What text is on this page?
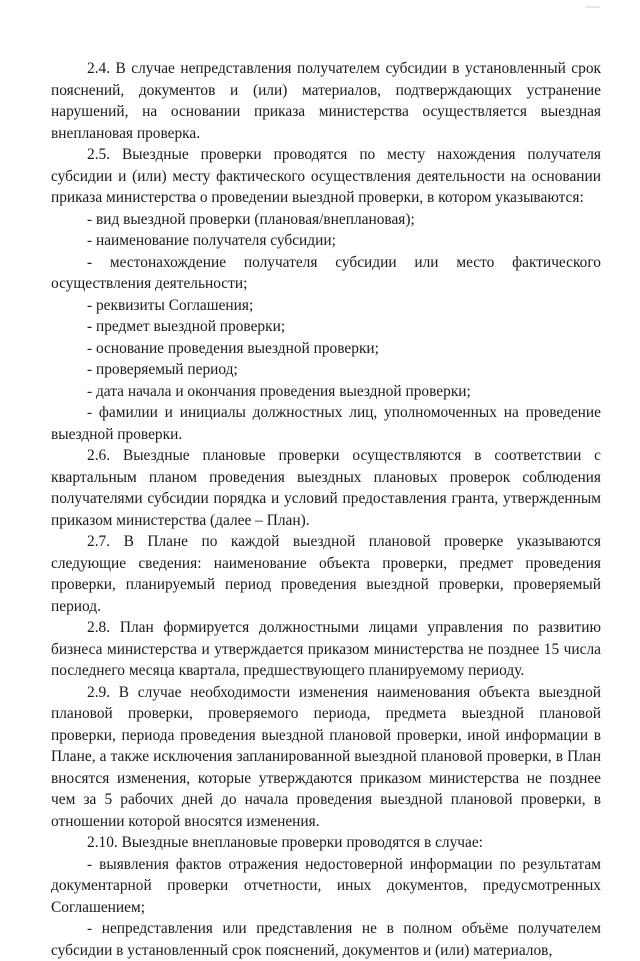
2.4. В случае непредставления получателем субсидии в установленный срок пояснений, документов и (или) материалов, подтверждающих устранение нарушений, на основании приказа министерства осуществляется выездная внеплановая проверка.

2.5. Выездные проверки проводятся по месту нахождения получателя субсидии и (или) месту фактического осуществления деятельности на основании приказа министерства о проведении выездной проверки, в котором указываются:

- вид выездной проверки (плановая/внеплановая);

- наименование получателя субсидии;

- местонахождение получателя субсидии или место фактического осуществления деятельности;

- реквизиты Соглашения;

- предмет выездной проверки;

- основание проведения выездной проверки;

- проверяемый период;

- дата начала и окончания проведения выездной проверки;

- фамилии и инициалы должностных лиц, уполномоченных на проведение выездной проверки.

2.6. Выездные плановые проверки осуществляются в соответствии с квартальным планом проведения выездных плановых проверок соблюдения получателями субсидии порядка и условий предоставления гранта, утвержденным приказом министерства (далее – План).

2.7. В Плане по каждой выездной плановой проверке указываются следующие сведения: наименование объекта проверки, предмет проведения проверки, планируемый период проведения выездной проверки, проверяемый период.

2.8. План формируется должностными лицами управления по развитию бизнеса министерства и утверждается приказом министерства не позднее 15 числа последнего месяца квартала, предшествующего планируемому периоду.

2.9. В случае необходимости изменения наименования объекта выездной плановой проверки, проверяемого периода, предмета выездной плановой проверки, периода проведения выездной плановой проверки, иной информации в Плане, а также исключения запланированной выездной плановой проверки, в План вносятся изменения, которые утверждаются приказом министерства не позднее чем за 5 рабочих дней до начала проведения выездной плановой проверки, в отношении которой вносятся изменения.

2.10. Выездные внеплановые проверки проводятся в случае:

- выявления фактов отражения недостоверной информации по результатам документарной проверки отчетности, иных документов, предусмотренных Соглашением;

- непредставления или представления не в полном объёме получателем субсидии в установленный срок пояснений, документов и (или) материалов,
